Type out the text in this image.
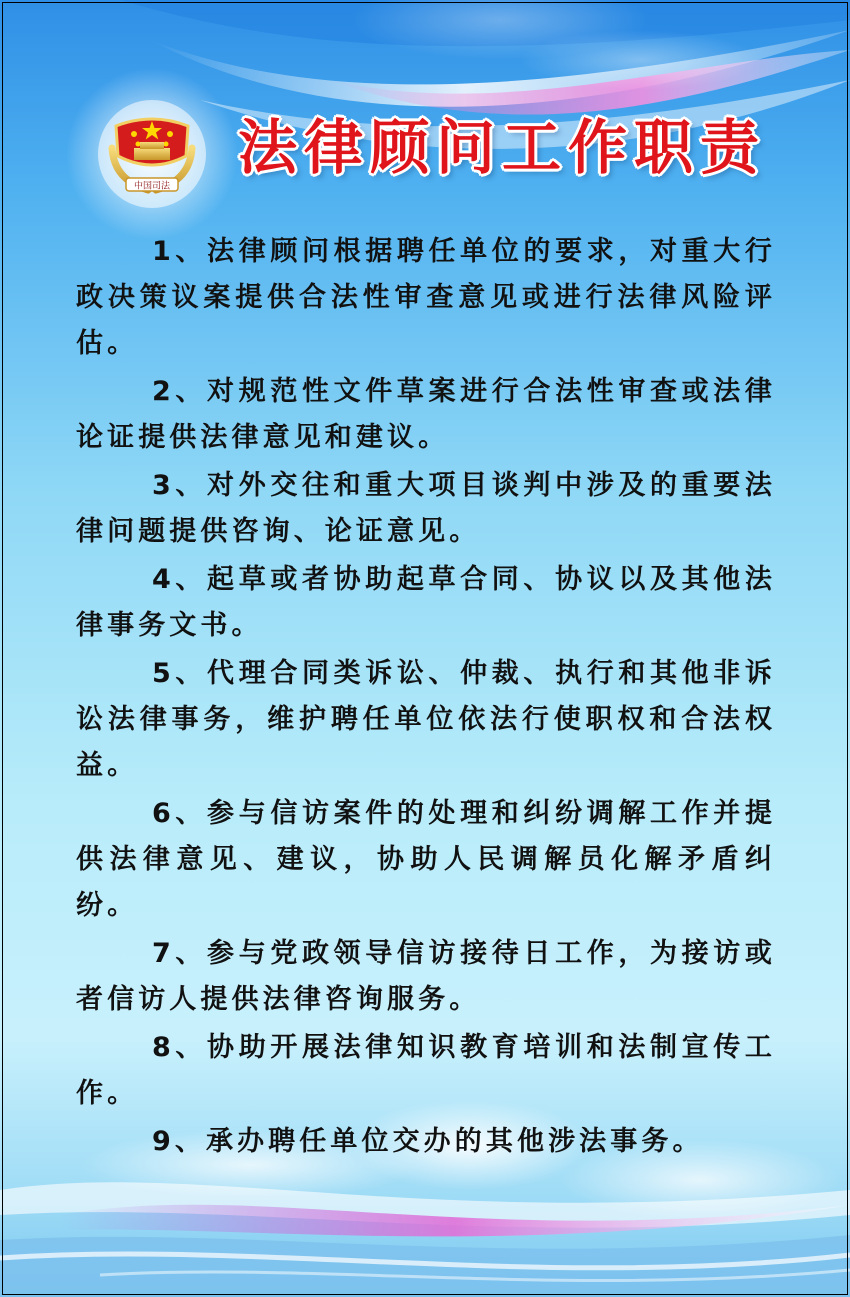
中国司法
法律顾问工作职责

1、法律顾问根据聘任单位的要求，对重大行政决策议案提供合法性审查意见或进行法律风险评估。

2、对规范性文件草案进行合法性审查或法律论证提供法律意见和建议。

3、对外交往和重大项目谈判中涉及的重要法律问题提供咨询、论证意见。

4、起草或者协助起草合同、协议以及其他法律事务文书。

5、代理合同类诉讼、仲裁、执行和其他非诉讼法律事务，维护聘任单位依法行使职权和合法权益。

6、参与信访案件的处理和纠纷调解工作并提供法律意见、建议，协助人民调解员化解矛盾纠纷。

7、参与党政领导信访接待日工作，为接访或者信访人提供法律咨询服务。

8、协助开展法律知识教育培训和法制宣传工作。

9、承办聘任单位交办的其他涉法事务。
